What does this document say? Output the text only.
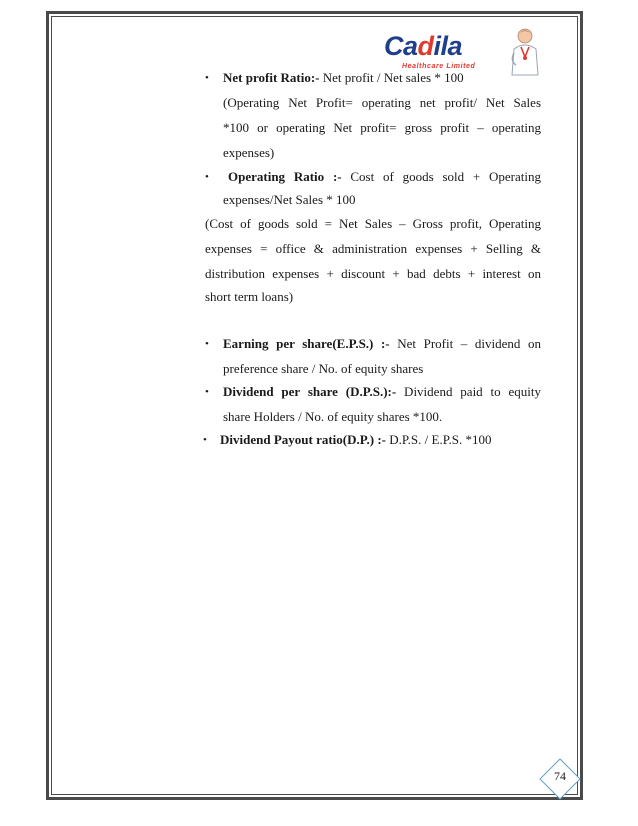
Cadila
Healthcare Limited
• Net profit Ratio:- Net profit / Net sales * 100
(Operating Net Profit= operating net profit/ Net Sales
*100 or operating Net profit= gross profit – operating
expenses)
• Operating Ratio :- Cost of goods sold + Operating
expenses/Net Sales * 100
(Cost of goods sold = Net Sales – Gross profit, Operating
expenses = office & administration expenses + Selling &
distribution expenses + discount + bad debts + interest on
short term loans)
• Earning per share(E.P.S.) :- Net Profit – dividend on
preference share / No. of equity shares
• Dividend per share (D.P.S.):- Dividend paid to equity
share Holders / No. of equity shares *100.
• Dividend Payout ratio(D.P.) :- D.P.S. / E.P.S. *100
74
